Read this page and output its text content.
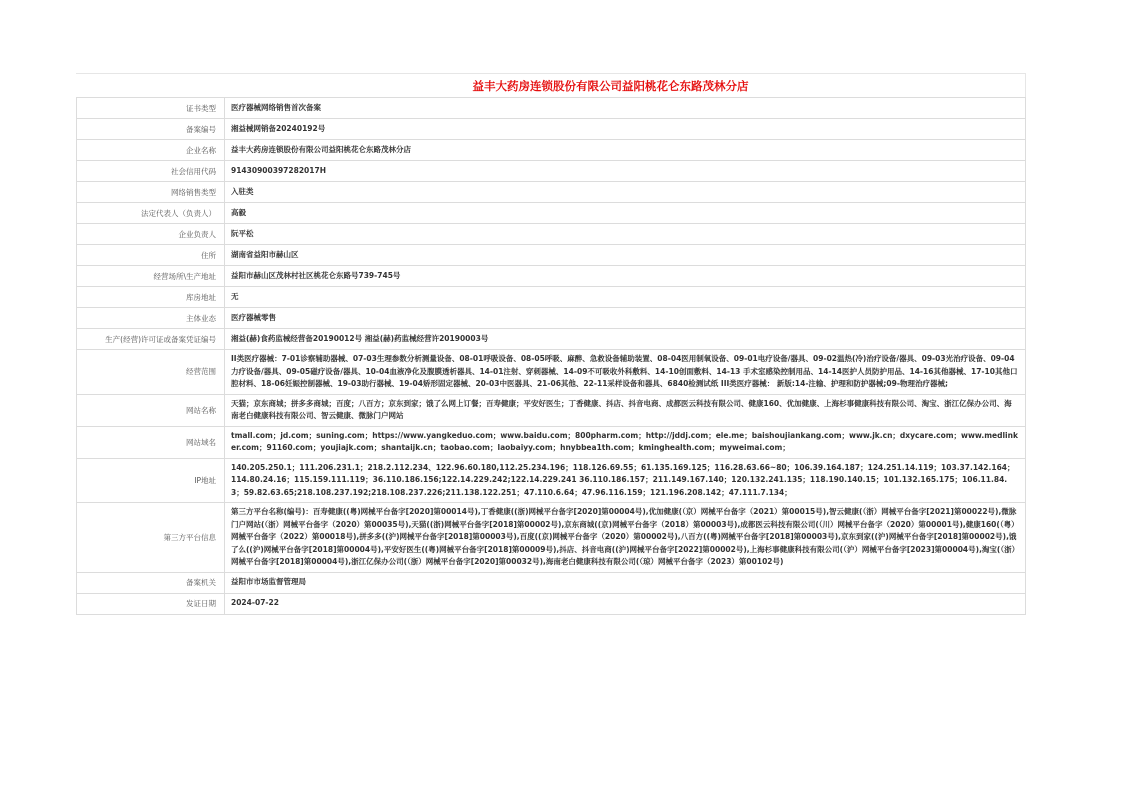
益丰大药房连锁股份有限公司益阳桃花仑东路茂林分店
证书类型	医疗器械网络销售首次备案
备案编号	湘益械网销备20240192号
企业名称	益丰大药房连锁股份有限公司益阳桃花仑东路茂林分店
社会信用代码	91430900397282017H
网络销售类型	入驻类
法定代表人（负责人）	高毅
企业负责人	阮平松
住所	湖南省益阳市赫山区
经营场所\生产地址	益阳市赫山区茂林村社区桃花仑东路号739-745号
库房地址	无
主体业态	医疗器械零售
生产(经营)许可证或备案凭证编号	湘益(赫)食药监械经营备20190012号 湘益(赫)药监械经营许20190003号
经营范围	II类医疗器械：7-01诊察辅助器械、07-03生理参数分析测量设备、08-01呼吸设备、08-05呼吸、麻醉、急救设备辅助装置、08-04医用制氧设备、09-01电疗设备/器具、09-02温热(冷)治疗设备/器具、09-03光治疗设备、09-04力疗设备/器具、09-05磁疗设备/器具、10-04血液净化及腹膜透析器具、14-01注射、穿刺器械、14-09不可吸收外科敷料、14-10创面敷料、14-13 手术室感染控制用品、14-14医护人员防护用品、14-16其他器械、17-10其他口腔材料、18-06妊娠控制器械、19-03助行器械、19-04矫形固定器械、20-03中医器具、21-06其他、22-11采样设备和器具、6840检测试纸 III类医疗器械： 新版:14-注输、护理和防护器械;09-物理治疗器械;
网站名称	天猫；京东商城；拼多多商城；百度；八百方；京东到家；饿了么网上订餐；百寿健康；平安好医生；丁香健康、抖店、抖音电商、成都医云科技有限公司、健康160、优加健康、上海杉事健康科技有限公司、淘宝、浙江亿保办公司、海南老白健康科技有限公司、智云健康、微脉门户网站
网站域名	tmall.com；jd.com；suning.com；https://www.yangkeduo.com；www.baidu.com；800pharm.com；http://jddj.com；ele.me；baishoujiankang.com；www.jk.cn；dxycare.com；www.medlinker.com；91160.com；youjiajk.com；shantaijk.cn；taobao.com；laobaiyy.com；hnybbea1th.com；kminghealth.com；myweimai.com；
IP地址	140.205.250.1；111.206.231.1；218.2.112.234、122.96.60.180,112.25.234.196；118.126.69.55；61.135.169.125；116.28.63.66~80；106.39.164.187；124.251.14.119；103.37.142.164；114.80.24.16；115.159.111.119；36.110.186.156;122.14.229.242;122.14.229.241 36.110.186.157；211.149.167.140；120.132.241.135；118.190.140.15；101.132.165.175；106.11.84.3；59.82.63.65;218.108.237.192;218.108.237.226;211.138.122.251；47.110.6.64；47.96.116.159；121.196.208.142；47.111.7.134；
第三方平台信息	第三方平台名称(编号)：百寿健康((粤)网械平台备字[2020]第00014号),丁香健康((浙)网械平台备字[2020]第00004号),优加健康(（京）网械平台备字（2021）第00015号),智云健康(（浙）网械平台备字[2021]第00022号),微脉门户网站(（浙）网械平台备字（2020）第00035号),天猫((浙)网械平台备字[2018]第00002号),京东商城((京)网械平台备字（2018）第00003号),成都医云科技有限公司(（川）网械平台备字（2020）第00001号),健康160(（粤）网械平台备字（2022）第00018号),拼多多((沪)网械平台备字[2018]第00003号),百度((京)网械平台备字（2020）第00002号),八百方((粤)网械平台备字[2018]第00003号),京东到家((沪)网械平台备字[2018]第00002号),饿了么((沪)网械平台备字[2018]第00004号),平安好医生((粤)网械平台备字[2018]第00009号),抖店、抖音电商((沪)网械平台备字[2022]第00002号),上海杉事健康科技有限公司(（沪）网械平台备字[2023]第00004号),淘宝(（浙）网械平台备字[2018]第00004号),浙江亿保办公司(（浙）网械平台备字[2020]第00032号),海南老白健康科技有限公司(（琼）网械平台备字（2023）第00102号)
备案机关	益阳市市场监督管理局
发证日期	2024-07-22
